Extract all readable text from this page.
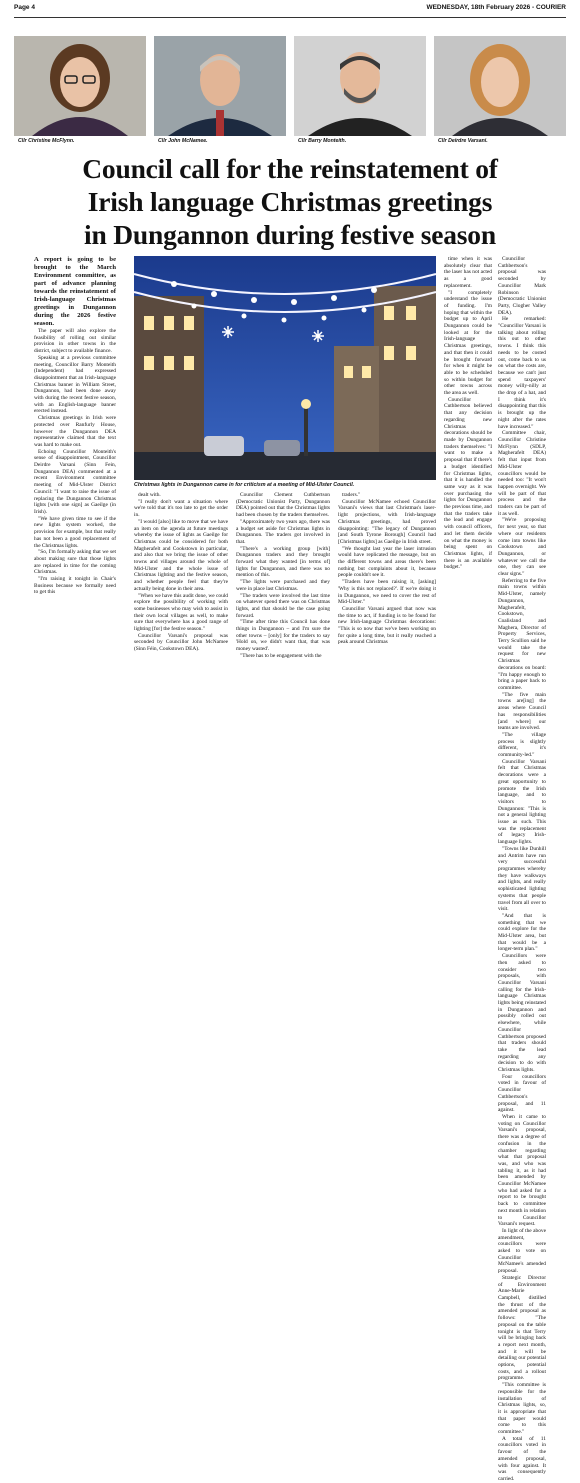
Page 4	WEDNESDAY, 18th February 2026 - COURIER
Cllr Christine McFlynn.	Cllr John McNamee.	Cllr Barry Monteith.	Cllr Deirdre Varsani.
Council call for the reinstatement of
Irish language Christmas greetings
in Dungannon during festive season
Christmas lights in Dungannon came in for criticism at a meeting of Mid-Ulster Council.

A report is going to be brought to the March Environment committee, as part of advance planning towards the reinstatement of Irish-language Christmas greetings in Dungannon during the 2026 festive season.

The paper will also explore the feasibility of rolling out similar provision in other towns in the district, subject to available finance.

Speaking at a previous committee meeting, Councillor Barry Monteith (Independent) had expressed disappointment that an Irish-language Christmas banner in William Street, Dungannon, had been done away with during the recent festive season, with an English-language banner erected instead.

Christmas greetings in Irish were protected over Ranfurly House, however the Dungannon DEA representative claimed that the text was hard to make out.

Echoing Councillor Monteith's sense of disappointment, Councillor Deirdre Varsani (Sinn Fein, Dungannon DEA) commented at a recent Environment committee meeting of Mid-Ulster District Council: "I want to raise the issue of replacing the Dungannon Christmas lights [with one sign] as Gaeilge (in Irish).

"We have given time to see if the new lights system worked, the provision for example, but that really has not been a good replacement of the Christmas lights.

"So, I'm formally asking that we set about making sure that those lights are replaced in time for the coming Christmas.

"I'm raising it tonight in Chair's Business because we formally need to get this

dealt with.

"I really don't want a situation where we're told that it's too late to get the order in.

"I would [also] like to move that we have an item on the agenda at future meetings whereby the issue of lights as Gaeilge for Christmas could be considered for both Magherafelt and Cookstown in particular, and also that we bring the issue of other towns and villages around the whole of Mid-Ulster and the whole issue of Christmas lighting and the festive season, and whether people feel that they're actually being done in their area.

"When we have this audit done, we could explore the possibility of working with some businesses who may wish to assist in their own local villages as well, to make sure that everywhere has a good range of lighting [for] the festive season."

Councillor Varsani's proposal was seconded by Councillor John McNamee (Sinn Féin, Cookstown DEA).

Councillor Clement Cuthbertson (Democratic Unionist Party, Dungannon DEA) pointed out that the Christmas lights had been chosen by the traders themselves.

"Approximately two years ago, there was a budget set aside for Christmas lights in Dungannon. The traders got involved in that.

"There's a working group [with] Dungannon traders and they brought forward what they wanted [in terms of] lights for Dungannon, and there was no mention of this.

"The lights were purchased and they were in place last Christmas.

"The traders were involved the last time on whatever spend there was on Christmas lights, and that should be the case going forward.

"Time after time this Council has done things in Dungannon – and I'm sure the other towns – [only] for the traders to say 'Hold on, we didn't want that, that was money wasted'.

"There has to be engagement with the

traders."

Councillor McNamee echoed Councillor Varsani's views that last Christmas's laser-light projections, with Irish-language Christmas greetings, had proved disappointing: "The legacy of Dungannon [and South Tyrone Borough] Council had [Christmas lights] as Gaeilge in Irish street.

"We thought last year the laser intrusion would have replicated the message, but on the different towns and areas there's been nothing but complaints about it, because people couldn't see it.

"Traders have been raising it, [asking] 'Why is this not replaced?'. If we're doing it in Dungannon, we need to cover the rest of Mid-Ulster."

Councillor Varsani argued that now was the time to act, if funding is to be found for new Irish-language Christmas decorations: "This is so now that we've been working on for quite a long time, but it really reached a peak around Christmas

time when it was absolutely clear that the laser has not acted as a good replacement.

"I completely understand the issue of funding. I'm hoping that within the budget up to April Dungannon could be looked at for the Irish-language Christmas greetings, and that then it could be brought forward for when it might be able to be scheduled so within budget for other towns across the area as well.

Councillor Cuthbertson believed that any decision regarding new Christmas decorations should be made by Dungannon traders themselves: "I want to make a proposal that if there's a budget identified for Christmas lights, that it is handled the same way as it was over purchasing the lights for Dungannon the previous time, and that the traders take the lead and engage with council officers, and let them decide on what the money is being spent on Christmas lights, if there is an available budget."

Councillor Cuthbertson's proposal was seconded by Councillor Mark Robinson (Democratic Unionist Party, Clogher Valley DEA).

He remarked: "Councillor Varsani is talking about rolling this out to other towns. I think this needs to be costed out, come back to us on what the costs are, because we can't just spend taxpayers' money willy-nilly at the drop of a hat, and I think it's disappointing that this is brought up the night after the rates have increased."

Committee chair, Councillor Christine McFlynn (SDLP, Magherafelt DEA) felt that input from Mid-Ulster councillors would be needed too: "It won't happen overnight. We will be part of that process and the traders can be part of it as well.

"We're proposing for next year, so that where our residents come into towns like Cookstown and Dungannon, or whatever we call the one, they can see clear signs."

Referring to the five main towns within Mid-Ulster, namely Dungannon, Magherafelt, Cookstown, Coalisland and Maghera, Director of Property Services, Terry Scullion said he would take the request for new Christmas decorations on board: "I'm happy enough to bring a paper back to committee.

"The five main towns are[ing] the areas where Council has responsibilities [and where] our teams are involved.

"The village process is slightly different, it's community-led."

Councillor Varsani felt that Christmas decorations were a great opportunity to promote the Irish language, and to visitors to Dungannon: "This is not a general lighting issue as such. This was the replacement of legacy Irish-language lights.

"Towns like Dunhill and Antrim have run very successful programmes whereby they have walkways and lights, and really sophisticated lighting systems that people travel from all over to visit.

"And that is something that we could explore for the Mid-Ulster area, but that would be a longer-term plan."

Councillors were then asked to consider two proposals, with Councillor Varsani calling for the Irish-language Christmas lights being reinstated in Dungannon and possibly rolled out elsewhere, while Councillor Cuthbertson proposed that traders should take the lead regarding any decision to do with Christmas lights.

Four councillors voted in favour of Councillor Cuthbertson's proposal, and 11 against.

When it came to voting on Councillor Varsani's proposal, there was a degree of confusion in the chamber regarding what that proposal was, and who was tabling it, as it had been amended by Councillor McNamee who had asked for a report to be brought back to committee next month in relation to Councillor Varsani's request.

In light of the above amendment, councillors were asked to vote on Councillor McNamee's amended proposal.

Strategic Director of Environment Anne-Marie Campbell, distilled the thrust of the amended proposal as follows: "The proposal on the table tonight is that Terry will be bringing back a report next month, and it will be detailing our potential options, potential costs, and a rollout programme.

"This committee is responsible for the installation of Christmas lights, so, it is appropriate that that paper would come to this committee."

A total of 11 councillors voted in favour of the amended proposal, with four against. It was consequently carried.
